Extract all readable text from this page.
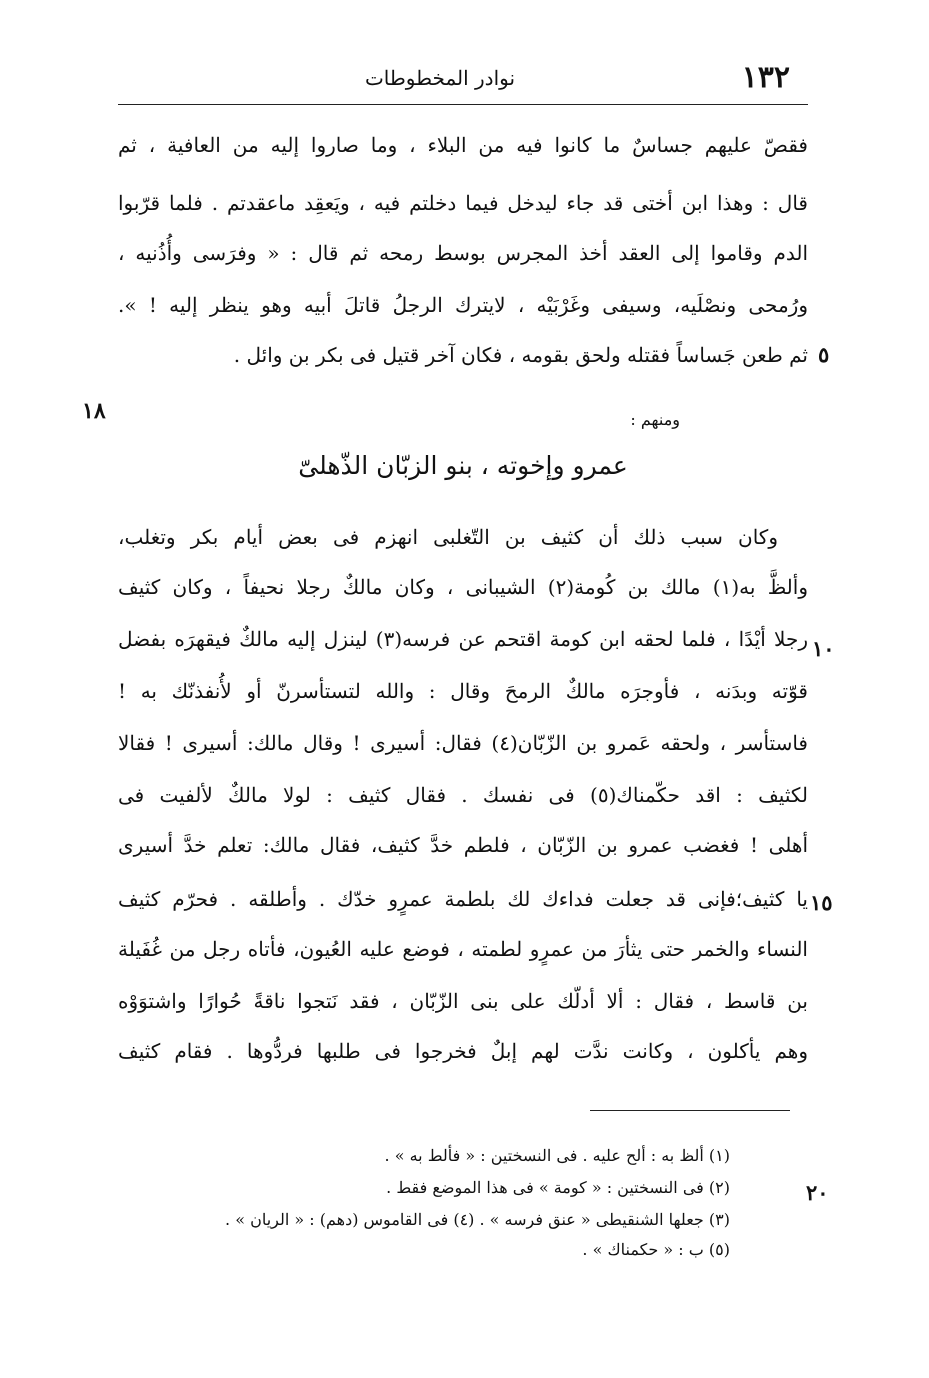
١٣٢
نوادر المخطوطات
فقصّ عليهم جساسٌ ما كانوا فيه من البلاء ، وما صاروا إليه من العافية ، ثم
قال : وهذا ابن أختى قد جاء ليدخل فيما دخلتم فيه ، ويَعقِد ماعقدتم . فلما قرّبوا
الدم وقاموا إلى العقد أخذ المجرس بوسط رمحه ثم قال : « وفرَسى وأُذُنيه ،
ورُمحى ونصْلَيه، وسيفى وغَرْبَيْه ، لايترك الرجلُ قاتلَ أبيه وهو ينظر إليه ! ».
ثم طعن جَساساً فقتله ولحق بقومه ، فكان آخر قتيل فى بكر بن وائل . ٥
١٨	ومنهم :
عمرو وإخوته ، بنو الزبّان الذّهلىّ
وكان سبب ذلك أن كثيف بن التّغلبى انهزم فى بعض أيام بكر وتغلب،
وألظَّ به(١) مالك بن كُومة(٢) الشيبانى ، وكان مالكٌ رجلا نحيفاً ، وكان كثيف
رجلا أيْدًا ، فلما لحقه ابن كومة اقتحم عن فرسه(٣) لينزل إليه مالكٌ فيقهرَه بفضل
قوّته وبدَنه ، فأوجرَه مالكٌ الرمحَ وقال : والله لتستأسرنّ أو لأُنفذنّك به !
فاستأسر ، ولحقه عَمرو بن الزّبّان(٤) فقال: أسيرى ! وقال مالك: أسيرى ! فقالا
لكثيف : اقد حكّمناك(٥) فى نفسك . فقال كثيف : لولا مالكٌ لألفيت فى
أهلى ! فغضب عمرو بن الزّبّان ، فلطم خدَّ كثيف، فقال مالك: تعلم خدَّ أسيرى
يا كثيف؛فإنى قد جعلت فداءك لك بلطمة عمرٍو خدّك . وأطلقه . فحرّم كثيف
النساء والخمر حتى يثأرَ من عمرٍو لطمته ، فوضع عليه العُيون، فأتاه رجل من غُفَيلة
بن قاسط ، فقال : ألا أدلّك على بنى الزّبّان ، فقد نَتجوا ناقةً حُوارًا واشتوَوْه
وهم يأكلون ، وكانت ندَّت لهم إبلٌ فخرجوا فى طلبها فردُّوها . فقام كثيف
١٠
١٥
(١) ألظ به : ألح عليه . فى النسختين : « فألط به » .
(٢) فى النسختين : « كومة » فى هذا الموضع فقط .
(٣) جعلها الشنقيطى « عنق فرسه » . (٤) فى القاموس (دهم) : « الريان » .
(٥) ب : « حكمناك » .
٢٠
